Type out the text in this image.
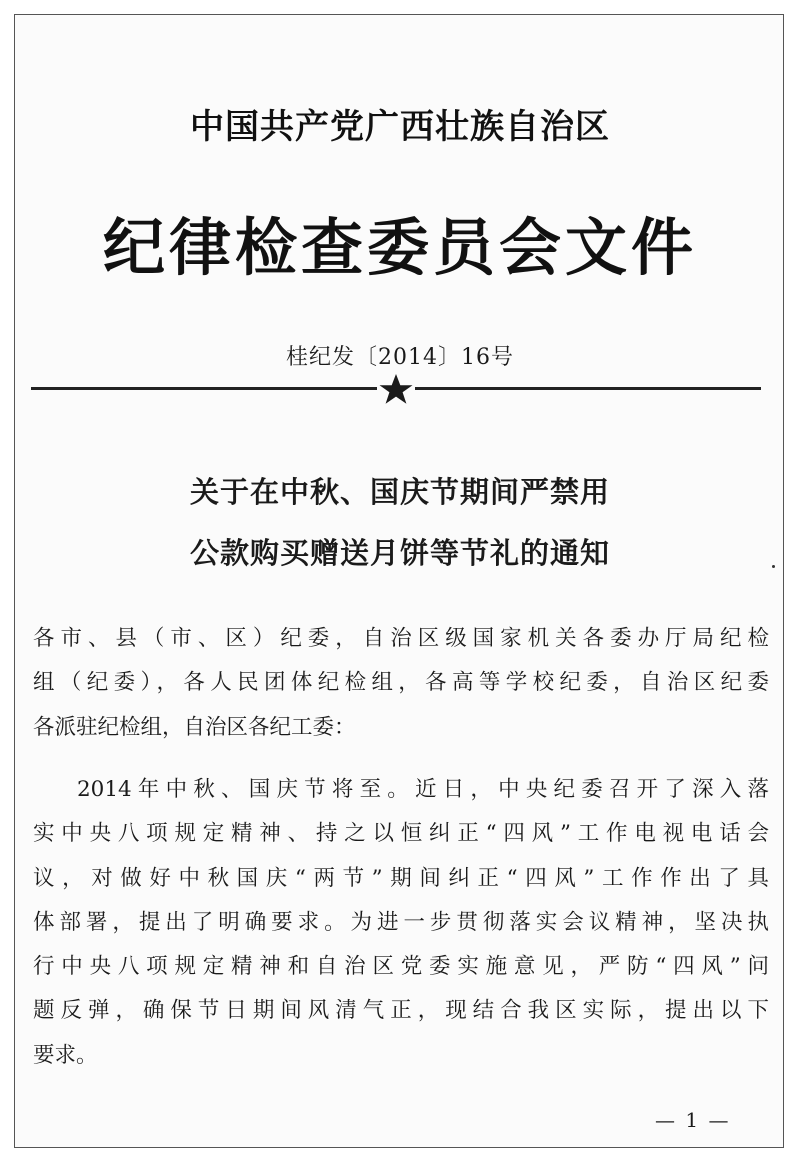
中国共产党广西壮族自治区
纪律检查委员会文件
桂纪发〔2014〕16号
关于在中秋、国庆节期间严禁用
公款购买赠送月饼等节礼的通知
各市、县（市、区）纪委，自治区级国家机关各委办厅局纪检
组（纪委），各人民团体纪检组，各高等学校纪委，自治区纪委
各派驻纪检组，自治区各纪工委：
2014年中秋、国庆节将至。近日，中央纪委召开了深入落
实中央八项规定精神、持之以恒纠正“四风”工作电视电话会
议，对做好中秋国庆“两节”期间纠正“四风”工作作出了具
体部署，提出了明确要求。为进一步贯彻落实会议精神，坚决执
行中央八项规定精神和自治区党委实施意见，严防“四风”问
题反弹，确保节日期间风清气正，现结合我区实际，提出以下
要求。
— 1 —
